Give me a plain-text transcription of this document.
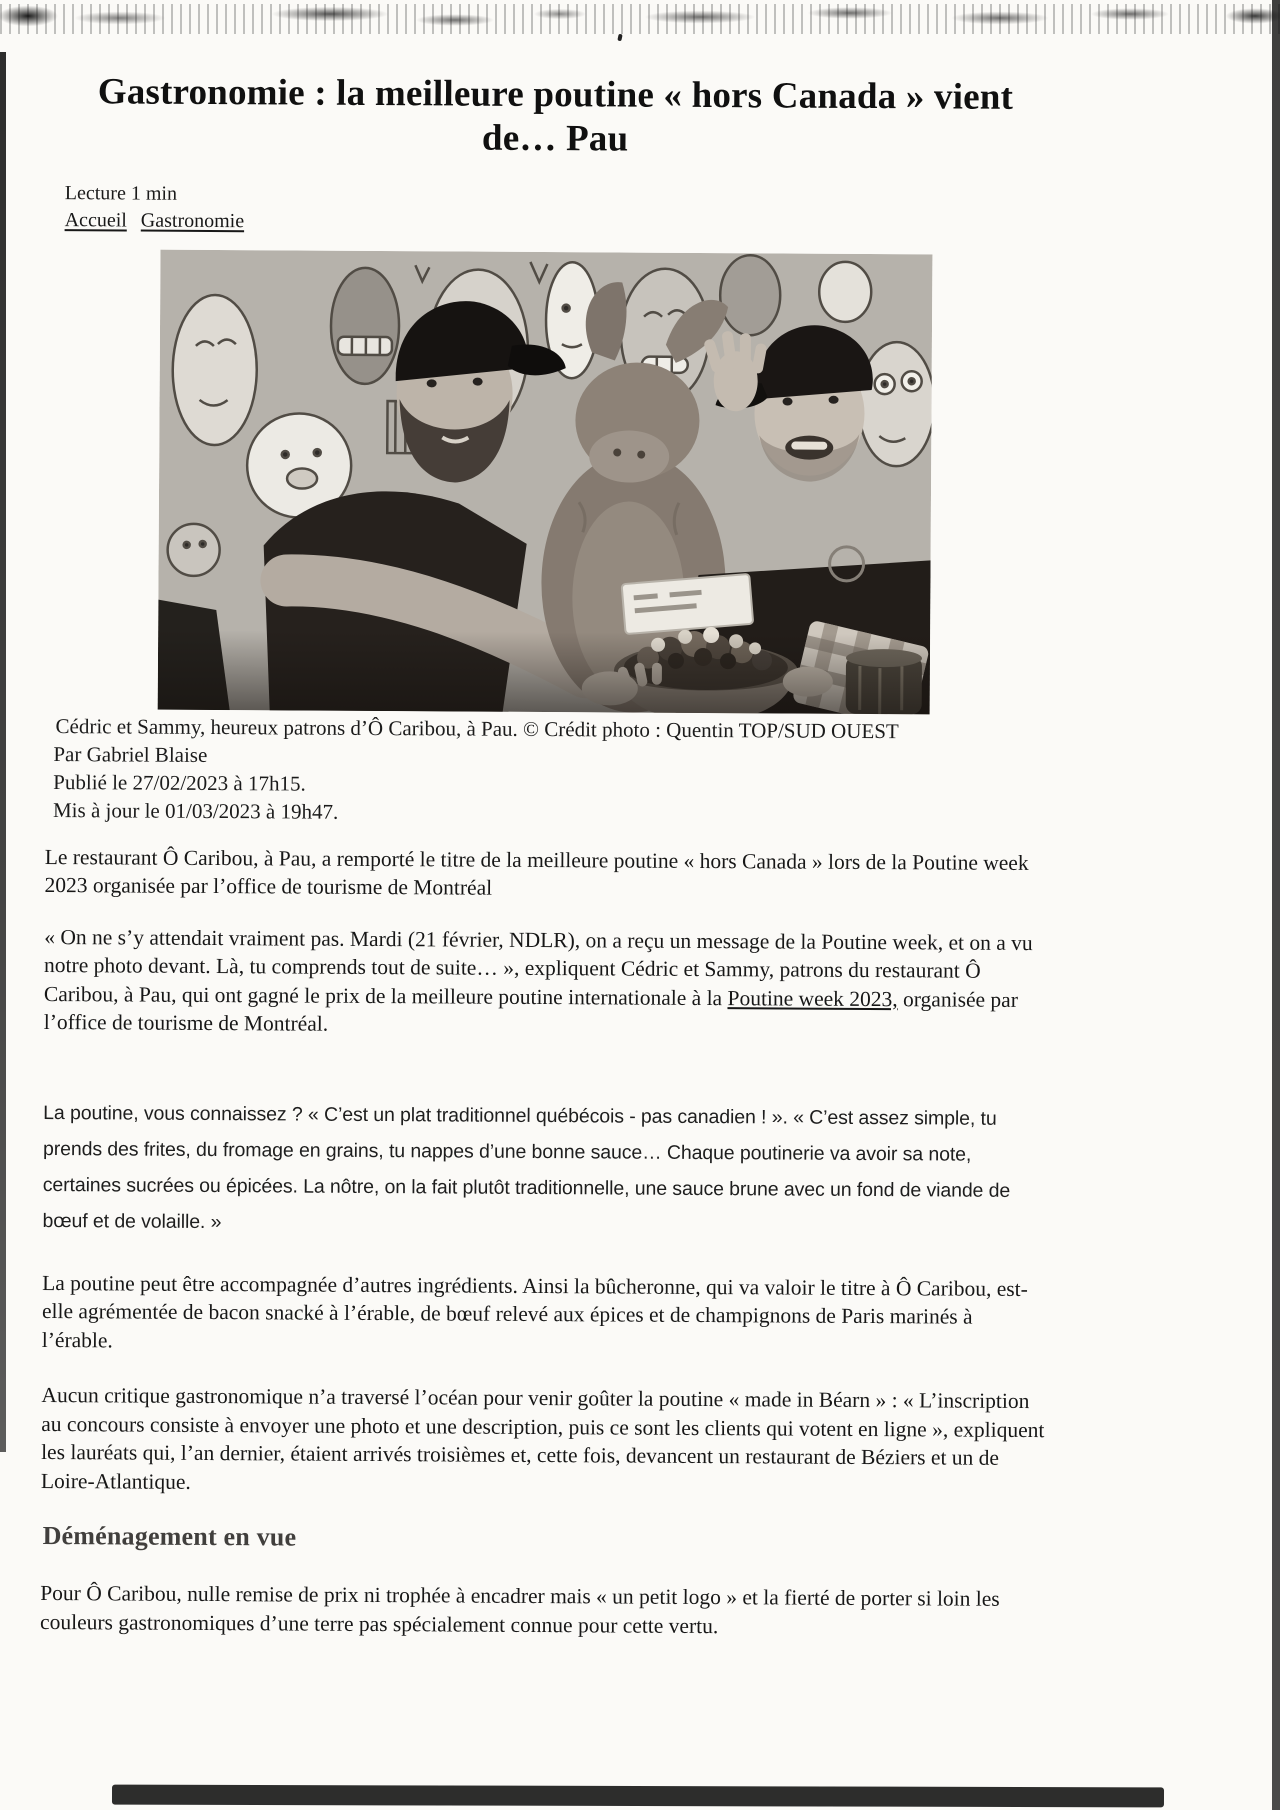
Gastronomie : la meilleure poutine « hors Canada » vient
de… Pau
Lecture 1 min
Accueil Gastronomie

Cédric et Sammy, heureux patrons d’Ô Caribou, à Pau. © Crédit photo : Quentin TOP/SUD OUEST

Par Gabriel Blaise

Publié le 27/02/2023 à 17h15.

Mis à jour le 01/03/2023 à 19h47.

Le restaurant Ô Caribou, à Pau, a remporté le titre de la meilleure poutine « hors Canada » lors de la Poutine week 2023 organisée par l’office de tourisme de Montréal

« On ne s’y attendait vraiment pas. Mardi (21 février, NDLR), on a reçu un message de la Poutine week, et on a vu notre photo devant. Là, tu comprends tout de suite… », expliquent Cédric et Sammy, patrons du restaurant Ô Caribou, à Pau, qui ont gagné le prix de la meilleure poutine internationale à la Poutine week 2023, organisée par l’office de tourisme de Montréal.

La poutine, vous connaissez ? « C’est un plat traditionnel québécois - pas canadien ! ». « C’est assez simple, tu prends des frites, du fromage en grains, tu nappes d’une bonne sauce… Chaque poutinerie va avoir sa note, certaines sucrées ou épicées. La nôtre, on la fait plutôt traditionnelle, une sauce brune avec un fond de viande de bœuf et de volaille. »

La poutine peut être accompagnée d’autres ingrédients. Ainsi la bûcheronne, qui va valoir le titre à Ô Caribou, est-elle agrémentée de bacon snacké à l’érable, de bœuf relevé aux épices et de champignons de Paris marinés à l’érable.

Aucun critique gastronomique n’a traversé l’océan pour venir goûter la poutine « made in Béarn » : « L’inscription au concours consiste à envoyer une photo et une description, puis ce sont les clients qui votent en ligne », expliquent les lauréats qui, l’an dernier, étaient arrivés troisièmes et, cette fois, devancent un restaurant de Béziers et un de Loire-Atlantique.

Déménagement en vue

Pour Ô Caribou, nulle remise de prix ni trophée à encadrer mais « un petit logo » et la fierté de porter si loin les couleurs gastronomiques d’une terre pas spécialement connue pour cette vertu.
